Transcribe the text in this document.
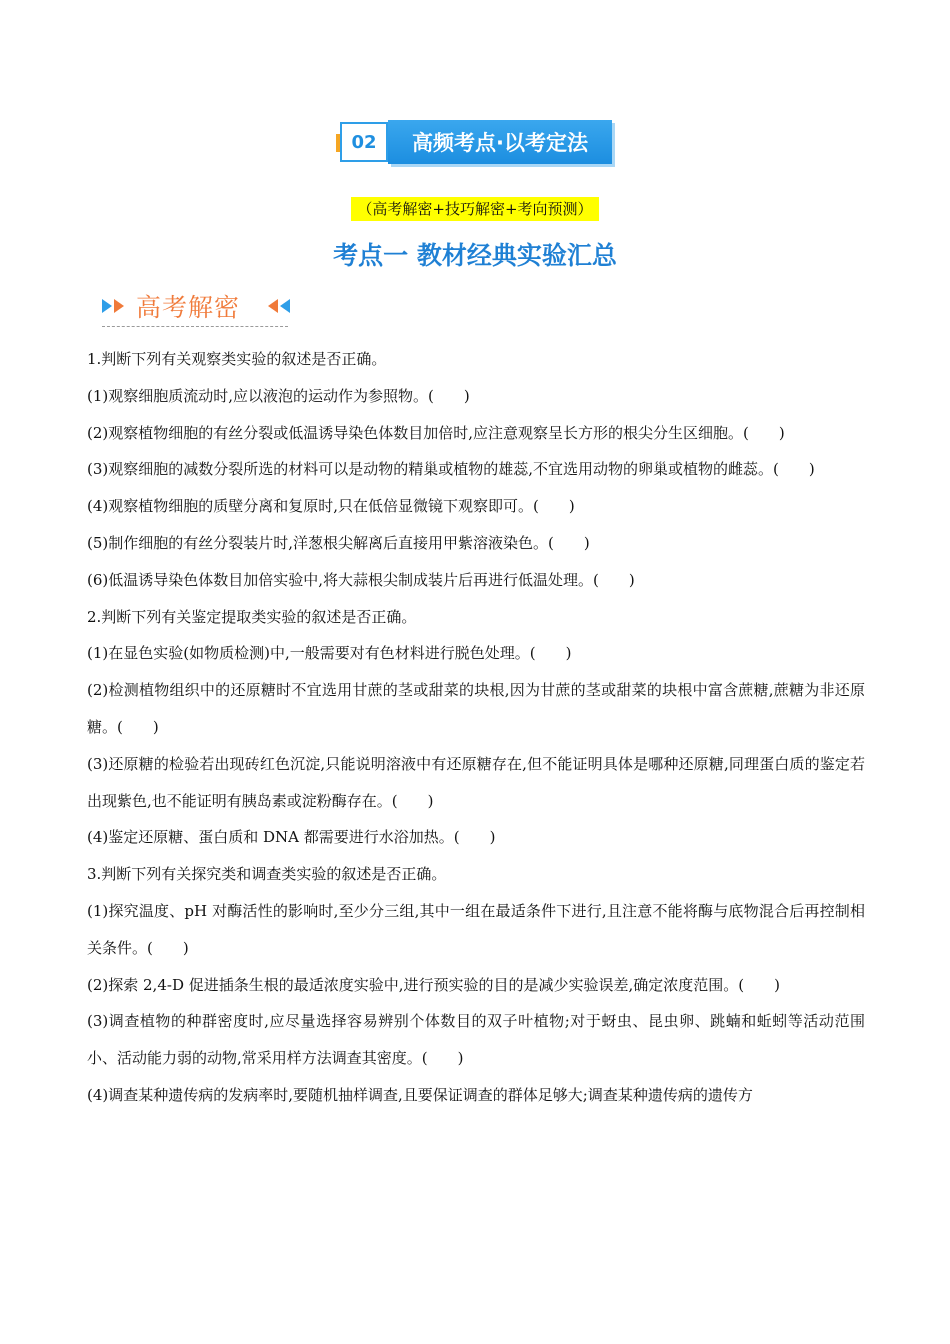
02	高频考点·以考定法
（高考解密+技巧解密+考向预测）
考点一 教材经典实验汇总
高考解密

1.判断下列有关观察类实验的叙述是否正确。

(1)观察细胞质流动时,应以液泡的运动作为参照物。(　　)

(2)观察植物细胞的有丝分裂或低温诱导染色体数目加倍时,应注意观察呈长方形的根尖分生区细胞。(　　)

(3)观察细胞的减数分裂所选的材料可以是动物的精巢或植物的雄蕊,不宜选用动物的卵巢或植物的雌蕊。(　　)

(4)观察植物细胞的质壁分离和复原时,只在低倍显微镜下观察即可。(　　)

(5)制作细胞的有丝分裂装片时,洋葱根尖解离后直接用甲紫溶液染色。(　　)

(6)低温诱导染色体数目加倍实验中,将大蒜根尖制成装片后再进行低温处理。(　　)

2.判断下列有关鉴定提取类实验的叙述是否正确。

(1)在显色实验(如物质检测)中,一般需要对有色材料进行脱色处理。(　　)

(2)检测植物组织中的还原糖时不宜选用甘蔗的茎或甜菜的块根,因为甘蔗的茎或甜菜的块根中富含蔗糖,蔗糖为非还原糖。(　　)

(3)还原糖的检验若出现砖红色沉淀,只能说明溶液中有还原糖存在,但不能证明具体是哪种还原糖,同理蛋白质的鉴定若出现紫色,也不能证明有胰岛素或淀粉酶存在。(　　)

(4)鉴定还原糖、蛋白质和 DNA 都需要进行水浴加热。(　　)

3.判断下列有关探究类和调查类实验的叙述是否正确。

(1)探究温度、pH 对酶活性的影响时,至少分三组,其中一组在最适条件下进行,且注意不能将酶与底物混合后再控制相关条件。(　　)

(2)探索 2,4-D 促进插条生根的最适浓度实验中,进行预实验的目的是减少实验误差,确定浓度范围。(　　)

(3)调查植物的种群密度时,应尽量选择容易辨别个体数目的双子叶植物;对于蚜虫、昆虫卵、跳蝻和蚯蚓等活动范围小、活动能力弱的动物,常采用样方法调查其密度。(　　)

(4)调查某种遗传病的发病率时,要随机抽样调查,且要保证调查的群体足够大;调查某种遗传病的遗传方
